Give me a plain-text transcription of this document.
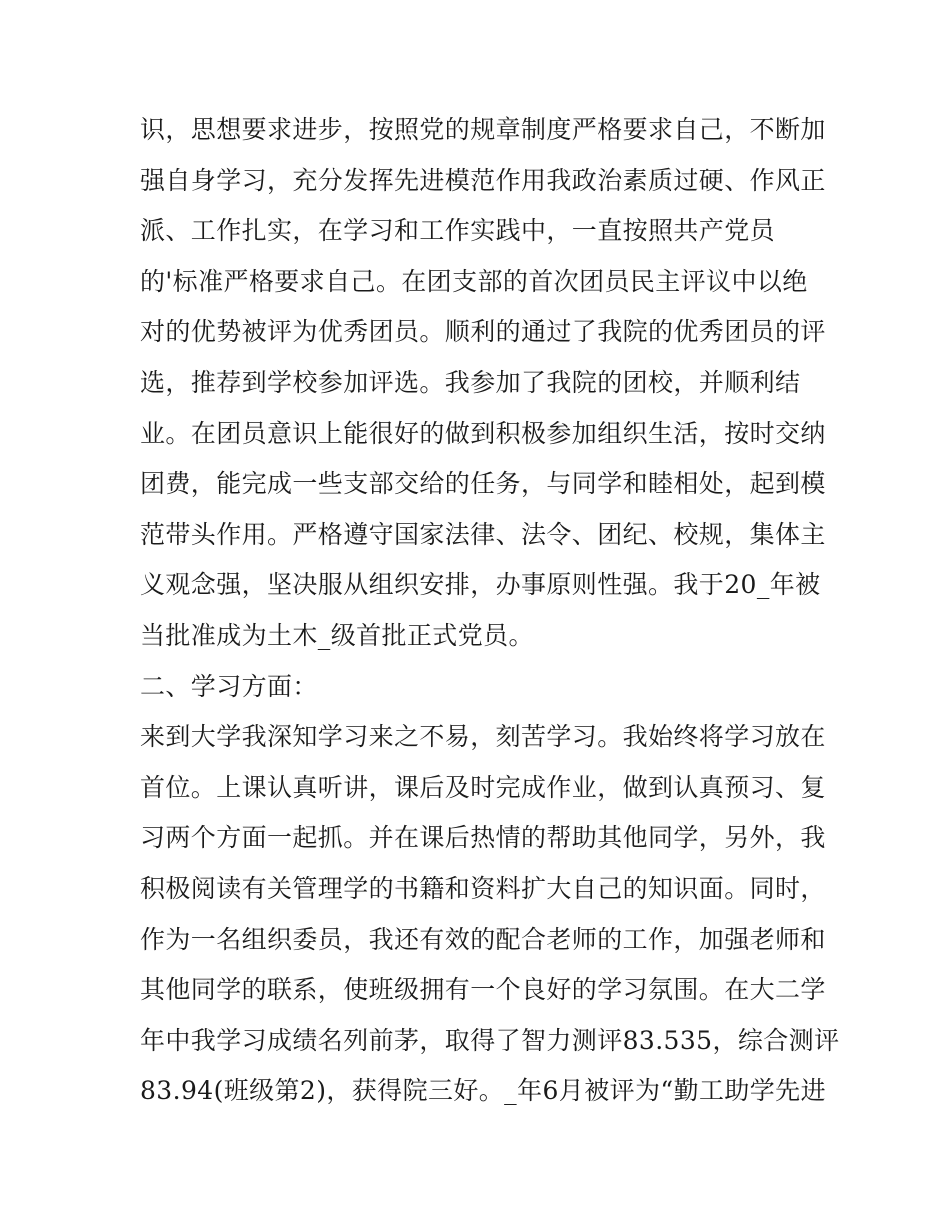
识，思想要求进步，按照党的规章制度严格要求自己，不断加
强自身学习，充分发挥先进模范作用我政治素质过硬、作风正
派、工作扎实，在学习和工作实践中，一直按照共产党员
的'标准严格要求自己。在团支部的首次团员民主评议中以绝
对的优势被评为优秀团员。顺利的通过了我院的优秀团员的评
选，推荐到学校参加评选。我参加了我院的团校，并顺利结
业。在团员意识上能很好的做到积极参加组织生活，按时交纳
团费，能完成一些支部交给的任务，与同学和睦相处，起到模
范带头作用。严格遵守国家法律、法令、团纪、校规，集体主
义观念强，坚决服从组织安排，办事原则性强。我于20_年被
当批准成为土木_级首批正式党员。
二、学习方面：
来到大学我深知学习来之不易，刻苦学习。我始终将学习放在
首位。上课认真听讲，课后及时完成作业，做到认真预习、复
习两个方面一起抓。并在课后热情的帮助其他同学，另外，我
积极阅读有关管理学的书籍和资料扩大自己的知识面。同时，
作为一名组织委员，我还有效的配合老师的工作，加强老师和
其他同学的联系，使班级拥有一个良好的学习氛围。在大二学
年中我学习成绩名列前茅，取得了智力测评83.535，综合测评
83.94(班级第2)，获得院三好。_年6月被评为“勤工助学先进
